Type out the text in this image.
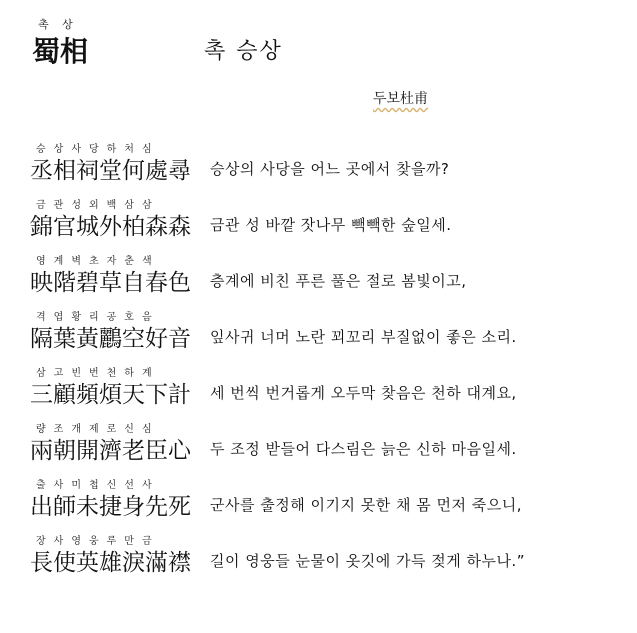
촉 상
蜀相	촉 승상
두보杜甫
승상사당하처심
丞相祠堂何處尋 승상의 사당을 어느 곳에서 찾을까?
금관성외백삼삼
錦官城外柏森森 금관 성 바깥 잣나무 빽빽한 숲일세.
영계벽초자춘색
映階碧草自春色 층계에 비친 푸른 풀은 절로 봄빛이고,
격엽황리공호음
隔葉黃鸝空好音 잎사귀 너머 노란 꾀꼬리 부질없이 좋은 소리.
삼고빈번천하계
三顧頻煩天下計 세 번씩 번거롭게 오두막 찾음은 천하 대계요,
량조개제로신심
兩朝開濟老臣心 두 조정 받들어 다스림은 늙은 신하 마음일세.
출사미첩신선사
出師未捷身先死 군사를 출정해 이기지 못한 채 몸 먼저 죽으니,
장사영웅루만금
長使英雄淚滿襟 길이 영웅들 눈물이 옷깃에 가득 젖게 하누나.”
